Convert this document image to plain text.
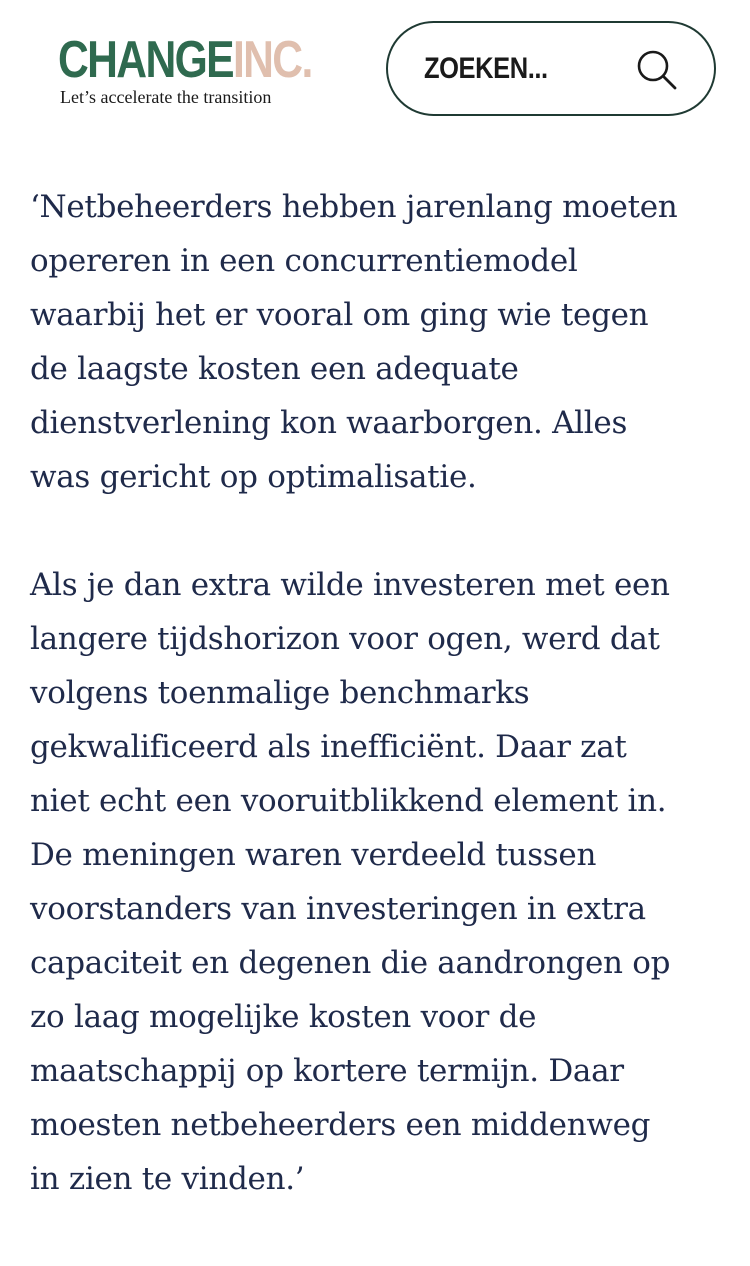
CHANGEINC.
Let’s accelerate the transition
ZOEKEN...

‘Netbeheerders hebben jarenlang moeten
opereren in een concurrentiemodel
waarbij het er vooral om ging wie tegen
de laagste kosten een adequate
dienstverlening kon waarborgen. Alles
was gericht op optimalisatie.

Als je dan extra wilde investeren met een
langere tijdshorizon voor ogen, werd dat
volgens toenmalige benchmarks
gekwalificeerd als inefficiënt. Daar zat
niet echt een vooruitblikkend element in.
De meningen waren verdeeld tussen
voorstanders van investeringen in extra
capaciteit en degenen die aandrongen op
zo laag mogelijke kosten voor de
maatschappij op kortere termijn. Daar
moesten netbeheerders een middenweg
in zien te vinden.’
